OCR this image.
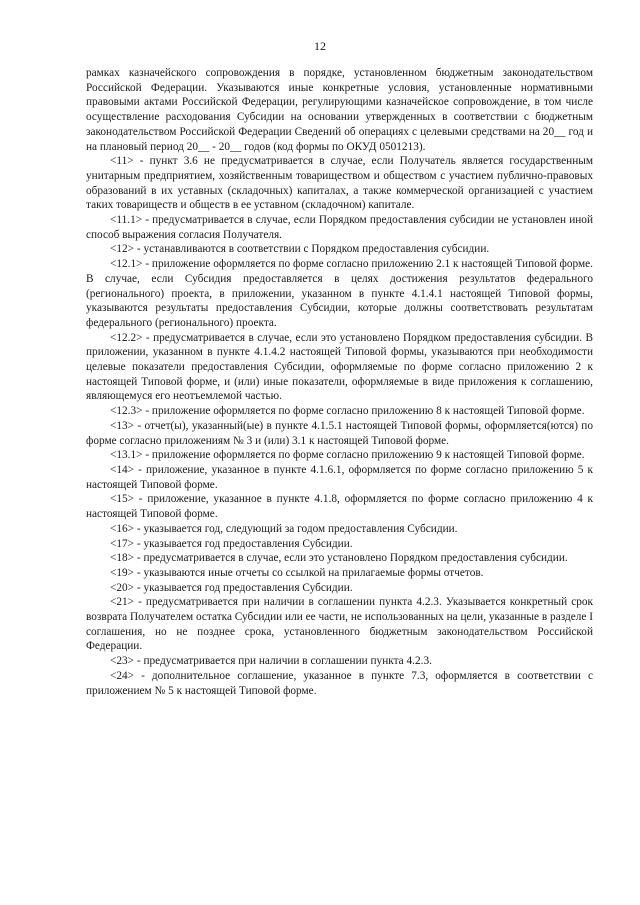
12

рамках казначейского сопровождения в порядке, установленном бюджетным законодательством Российской Федерации. Указываются иные конкретные условия, установленные нормативными правовыми актами Российской Федерации, регулирующими казначейское сопровождение, в том числе осуществление расходования Субсидии на основании утвержденных в соответствии с бюджетным законодательством Российской Федерации Сведений об операциях с целевыми средствами на 20__ год и на плановый период 20__ - 20__ годов (код формы по ОКУД 0501213).

<11> - пункт 3.6 не предусматривается в случае, если Получатель является государственным унитарным предприятием, хозяйственным товариществом и обществом с участием публично-правовых образований в их уставных (складочных) капиталах, а также коммерческой организацией с участием таких товариществ и обществ в ее уставном (складочном) капитале.

<11.1> - предусматривается в случае, если Порядком предоставления субсидии не установлен иной способ выражения согласия Получателя.

<12> - устанавливаются в соответствии с Порядком предоставления субсидии.

<12.1> - приложение оформляется по форме согласно приложению 2.1 к настоящей Типовой форме. В случае, если Субсидия предоставляется в целях достижения результатов федерального (регионального) проекта, в приложении, указанном в пункте 4.1.4.1 настоящей Типовой формы, указываются результаты предоставления Субсидии, которые должны соответствовать результатам федерального (регионального) проекта.

<12.2> - предусматривается в случае, если это установлено Порядком предоставления субсидии. В приложении, указанном в пункте 4.1.4.2 настоящей Типовой формы, указываются при необходимости целевые показатели предоставления Субсидии, оформляемые по форме согласно приложению 2 к настоящей Типовой форме, и (или) иные показатели, оформляемые в виде приложения к соглашению, являющемуся его неотъемлемой частью.

<12.3> - приложение оформляется по форме согласно приложению 8 к настоящей Типовой форме.

<13> - отчет(ы), указанный(ые) в пункте 4.1.5.1 настоящей Типовой формы, оформляется(ются) по форме согласно приложениям № 3 и (или) 3.1 к настоящей Типовой форме.

<13.1> - приложение оформляется по форме согласно приложению 9 к настоящей Типовой форме.

<14> - приложение, указанное в пункте 4.1.6.1, оформляется по форме согласно приложению 5 к настоящей Типовой форме.

<15> - приложение, указанное в пункте 4.1.8, оформляется по форме согласно приложению 4 к настоящей Типовой форме.

<16> - указывается год, следующий за годом предоставления Субсидии.

<17> - указывается год предоставления Субсидии.

<18> - предусматривается в случае, если это установлено Порядком предоставления субсидии.

<19> - указываются иные отчеты со ссылкой на прилагаемые формы отчетов.

<20> - указывается год предоставления Субсидии.

<21> - предусматривается при наличии в соглашении пункта 4.2.3. Указывается конкретный срок возврата Получателем остатка Субсидии или ее части, не использованных на цели, указанные в разделе I соглашения, но не позднее срока, установленного бюджетным законодательством Российской Федерации.

<23> - предусматривается при наличии в соглашении пункта 4.2.3.

<24> - дополнительное соглашение, указанное в пункте 7.3, оформляется в соответствии с приложением № 5 к настоящей Типовой форме.
